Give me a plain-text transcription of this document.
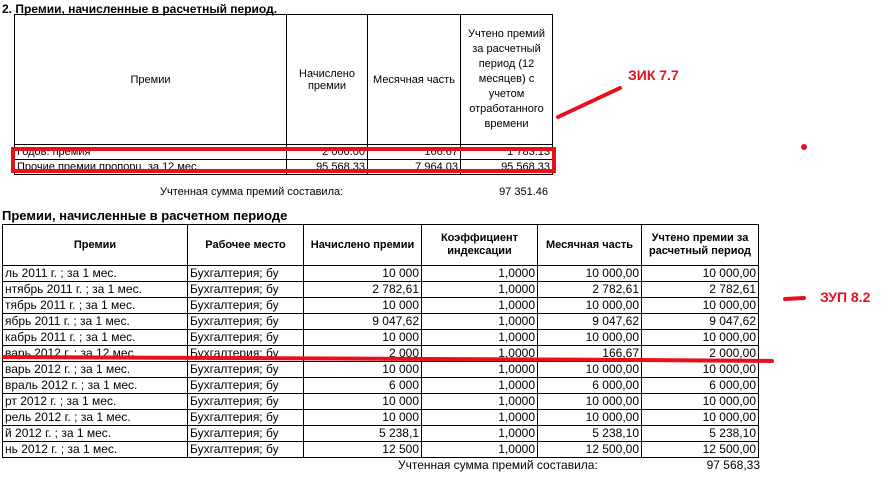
2. Премии, начисленные в расчетный период.
Премии	Начислено премии	Месячная часть	Учтено премий за расчетный период (12 месяцев) с учетом отработанного времени
Годов. премия	2 000.00	166.67	1 783.13
Прочие премии пропорц. за 12 мес.	95 568.33	7 964.03	95 568.33
Учтенная сумма премий составила:	97 351.46
Премии, начисленные в расчетном периоде
Премии	Рабочее место	Начислено премии	Коэффициент индексации	Месячная часть	Учтено премии за расчетный период
ль 2011 г. ; за 1 мес.	Бухгалтерия; бу	10 000	1,0000	10 000,00	10 000,00
нтябрь 2011 г. ; за 1 мес.	Бухгалтерия; бу	2 782,61	1,0000	2 782,61	2 782,61
тябрь 2011 г. ; за 1 мес.	Бухгалтерия; бу	10 000	1,0000	10 000,00	10 000,00
ябрь 2011 г. ; за 1 мес.	Бухгалтерия; бу	9 047,62	1,0000	9 047,62	9 047,62
кабрь 2011 г. ; за 1 мес.	Бухгалтерия; бу	10 000	1,0000	10 000,00	10 000,00
варь 2012 г. ; за 12 мес.	Бухгалтерия; бу	2 000	1,0000	166,67	2 000,00
варь 2012 г. ; за 1 мес.	Бухгалтерия; бу	10 000	1,0000	10 000,00	10 000,00
враль 2012 г. ; за 1 мес.	Бухгалтерия; бу	6 000	1,0000	6 000,00	6 000,00
рт 2012 г. ; за 1 мес.	Бухгалтерия; бу	10 000	1,0000	10 000,00	10 000,00
рель 2012 г. ; за 1 мес.	Бухгалтерия; бу	10 000	1,0000	10 000,00	10 000,00
й 2012 г. ; за 1 мес.	Бухгалтерия; бу	5 238,1	1,0000	5 238,10	5 238,10
нь 2012 г. ; за 1 мес.	Бухгалтерия; бу	12 500	1,0000	12 500,00	12 500,00
Учтенная сумма премий составила:	97 568,33
ЗИК 7.7
ЗУП 8.2
